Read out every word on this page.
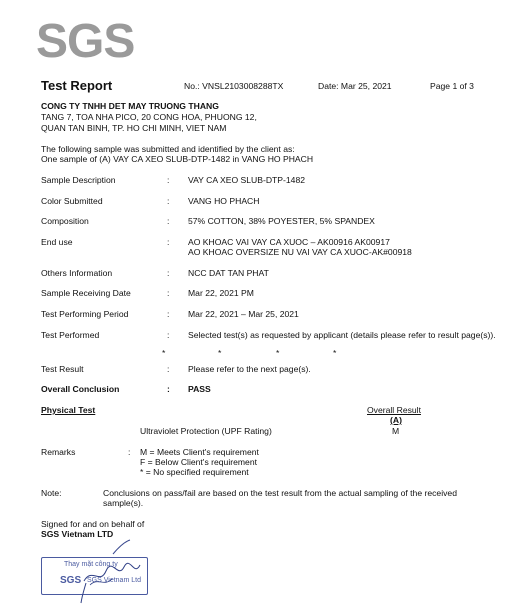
SGS
Test Report	No.: VNSL2103008288TX	Date: Mar 25, 2021	Page 1 of 3
CONG TY TNHH DET MAY TRUONG THANG
TANG 7, TOA NHA PICO, 20 CONG HOA, PHUONG 12,
QUAN TAN BINH, TP. HO CHI MINH, VIET NAM
The following sample was submitted and identified by the client as:
One sample of (A) VAY CA XEO SLUB-DTP-1482 in VANG HO PHACH
Sample Description	: VAY CA XEO SLUB-DTP-1482
Color Submitted	: VANG HO PHACH
Composition	: 57% COTTON, 38% POYESTER, 5% SPANDEX
End use	: AO KHOAC VAI VAY CA XUOC – AK00916 AK00917
AO KHOAC OVERSIZE NU VAI VAY CA XUOC-AK#00918
Others Information	: NCC DAT TAN PHAT
Sample Receiving Date	: Mar 22, 2021 PM
Test Performing Period	: Mar 22, 2021 – Mar 25, 2021
Test Performed	: Selected test(s) as requested by applicant (details please refer to result page(s)).
*	*	*	*
Test Result	: Please refer to the next page(s).
Overall Conclusion	: PASS
Physical Test	Overall Result
(A)
Ultraviolet Protection (UPF Rating)	M
Remarks	: M = Meets Client's requirement
F = Below Client's requirement
* = No specified requirement
Note:	Conclusions on pass/fail are based on the test result from the actual sampling of the received
sample(s).
Signed for and on behalf of
SGS Vietnam LTD
Thay mặt công ty
SGS SGS Vietnam Ltd
